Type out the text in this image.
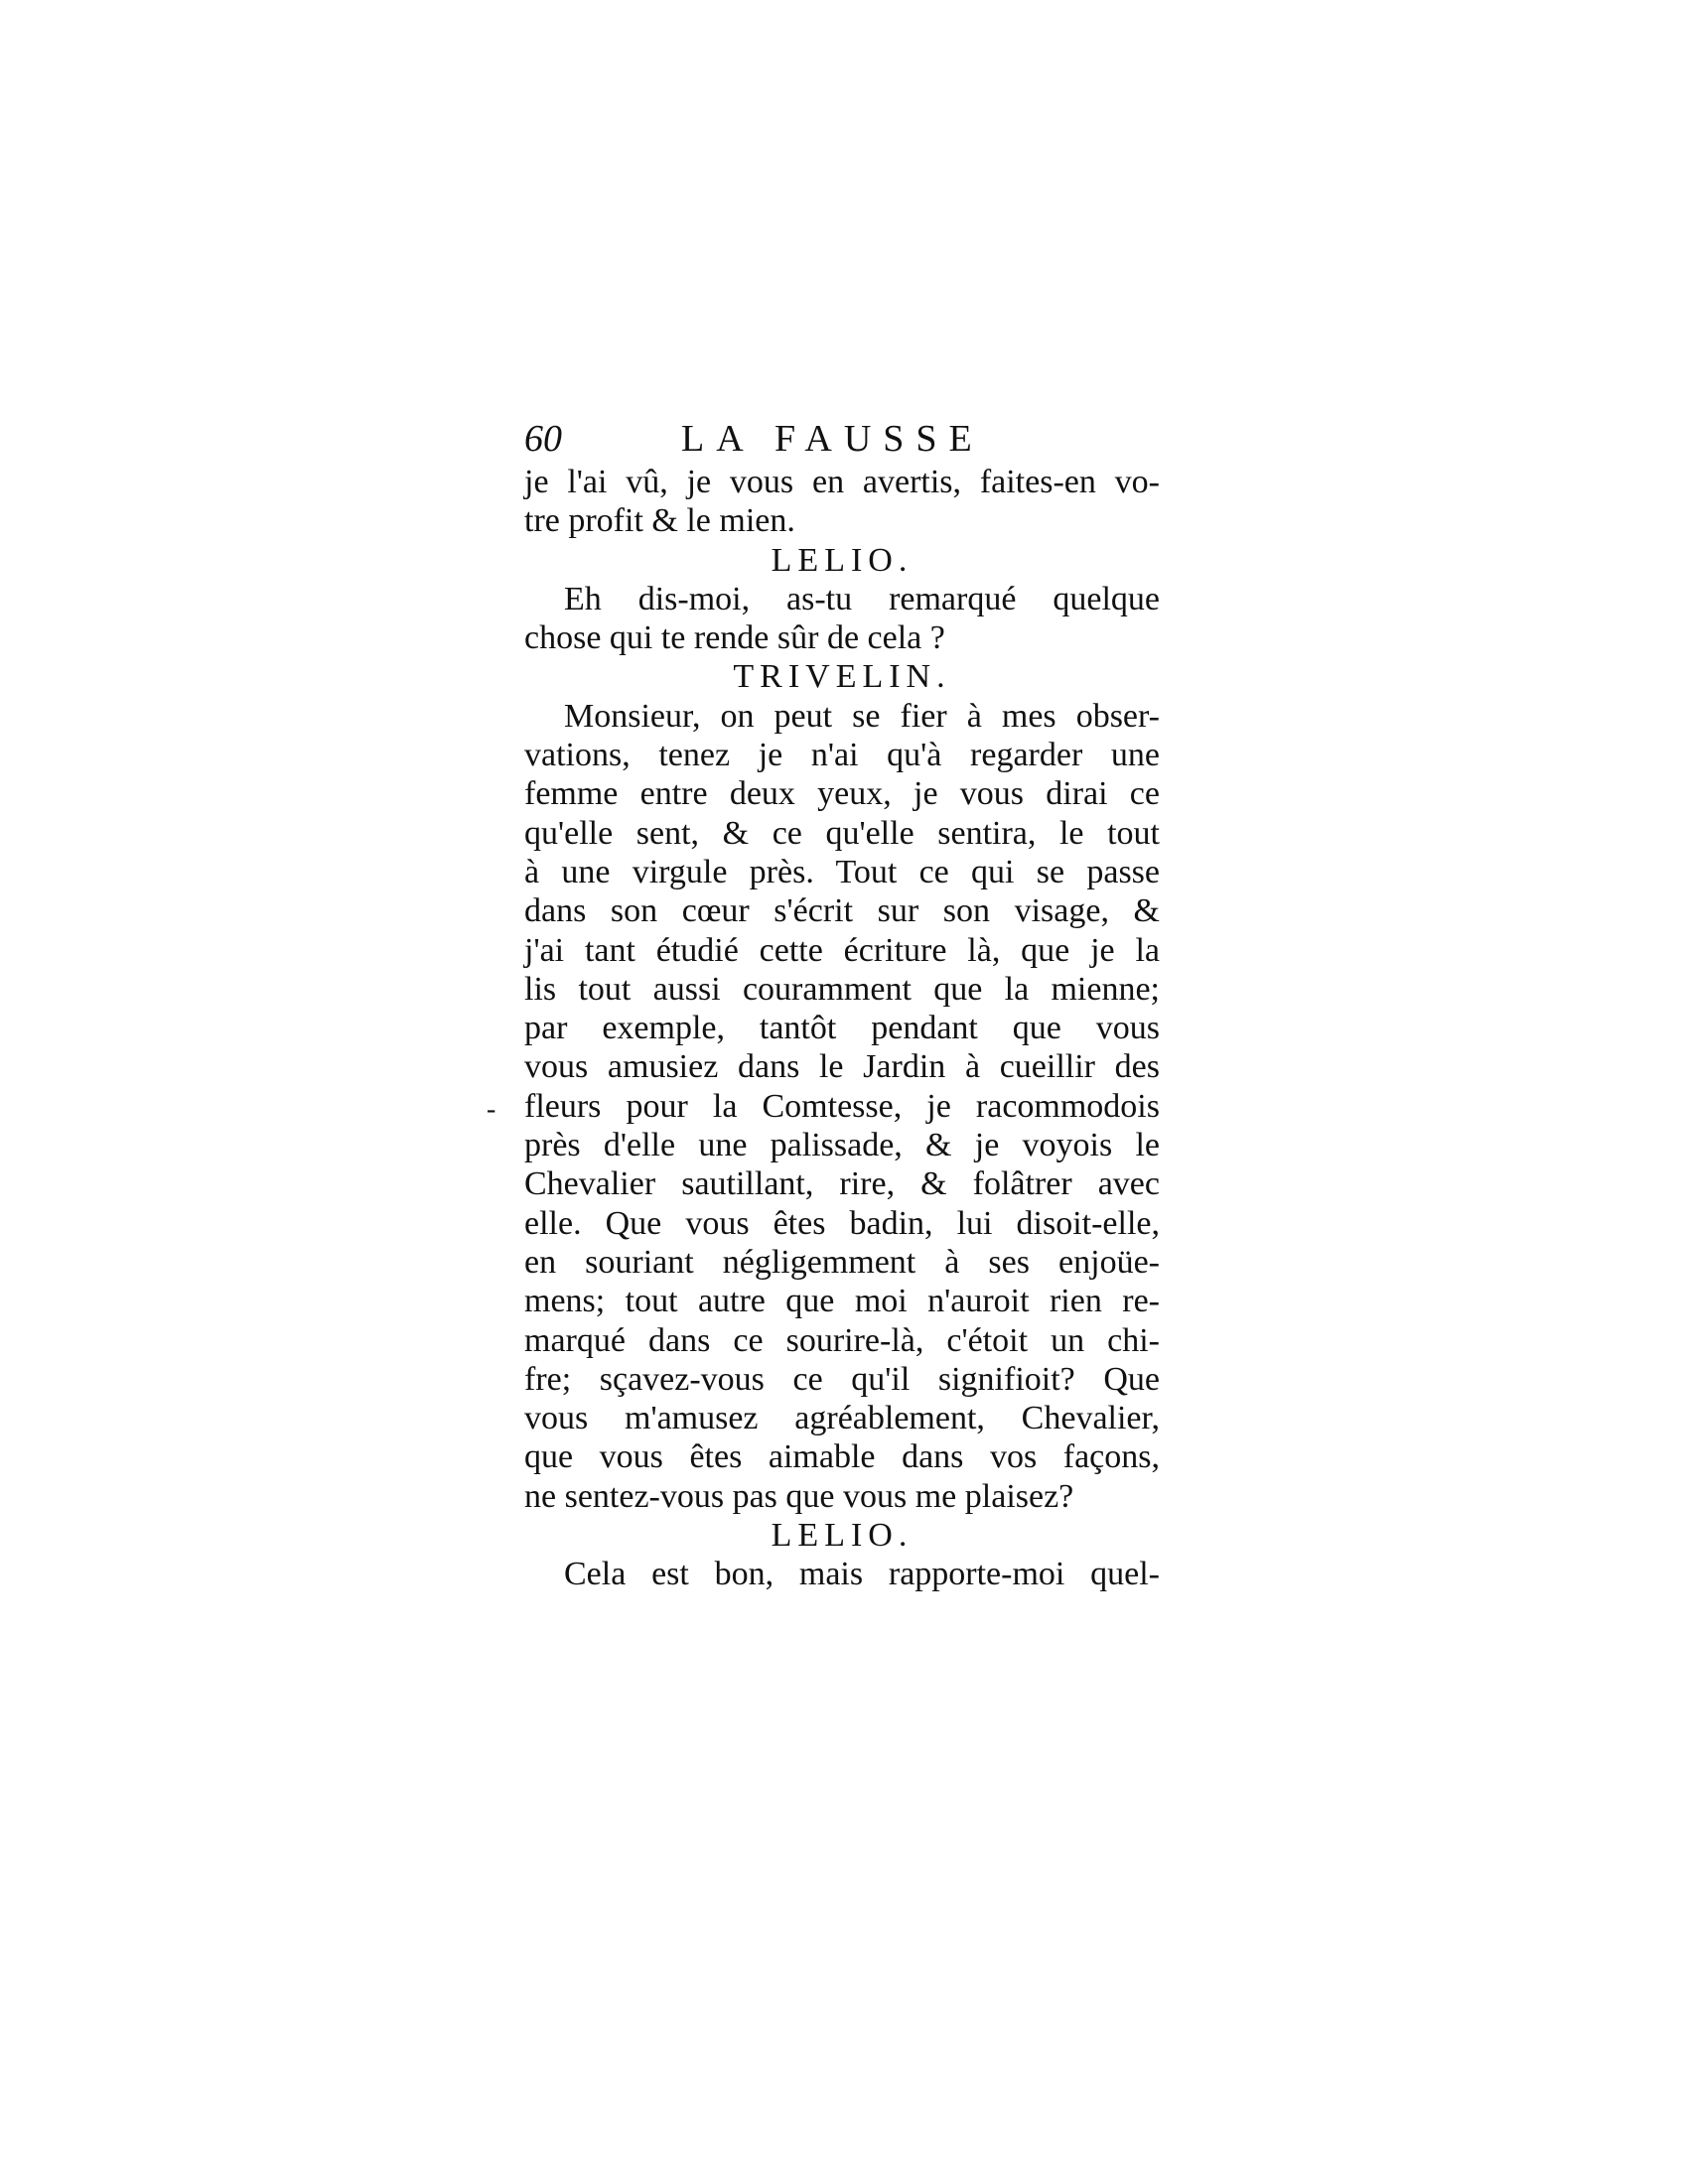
-
60	LA FAUSSE
je l'ai vû, je vous en avertis, faites-en vo-
tre profit & le mien.
LELIO.
Eh dis-moi, as-tu remarqué quelque
chose qui te rende sûr de cela ?
TRIVELIN.
Monsieur, on peut se fier à mes obser-
vations, tenez je n'ai qu'à regarder une
femme entre deux yeux, je vous dirai ce
qu'elle sent, & ce qu'elle sentira, le tout
à une virgule près. Tout ce qui se passe
dans son cœur s'écrit sur son visage, &
j'ai tant étudié cette écriture là, que je la
lis tout aussi couramment que la mienne;
par exemple, tantôt pendant que vous
vous amusiez dans le Jardin à cueillir des
fleurs pour la Comtesse, je racommodois
près d'elle une palissade, & je voyois le
Chevalier sautillant, rire, & folâtrer avec
elle. Que vous êtes badin, lui disoit-elle,
en souriant négligemment à ses enjoüe-
mens; tout autre que moi n'auroit rien re-
marqué dans ce sourire-là, c'étoit un chi-
fre; sçavez-vous ce qu'il signifioit? Que
vous m'amusez agréablement, Chevalier,
que vous êtes aimable dans vos façons,
ne sentez-vous pas que vous me plaisez?
LELIO.
Cela est bon, mais rapporte-moi quel-
